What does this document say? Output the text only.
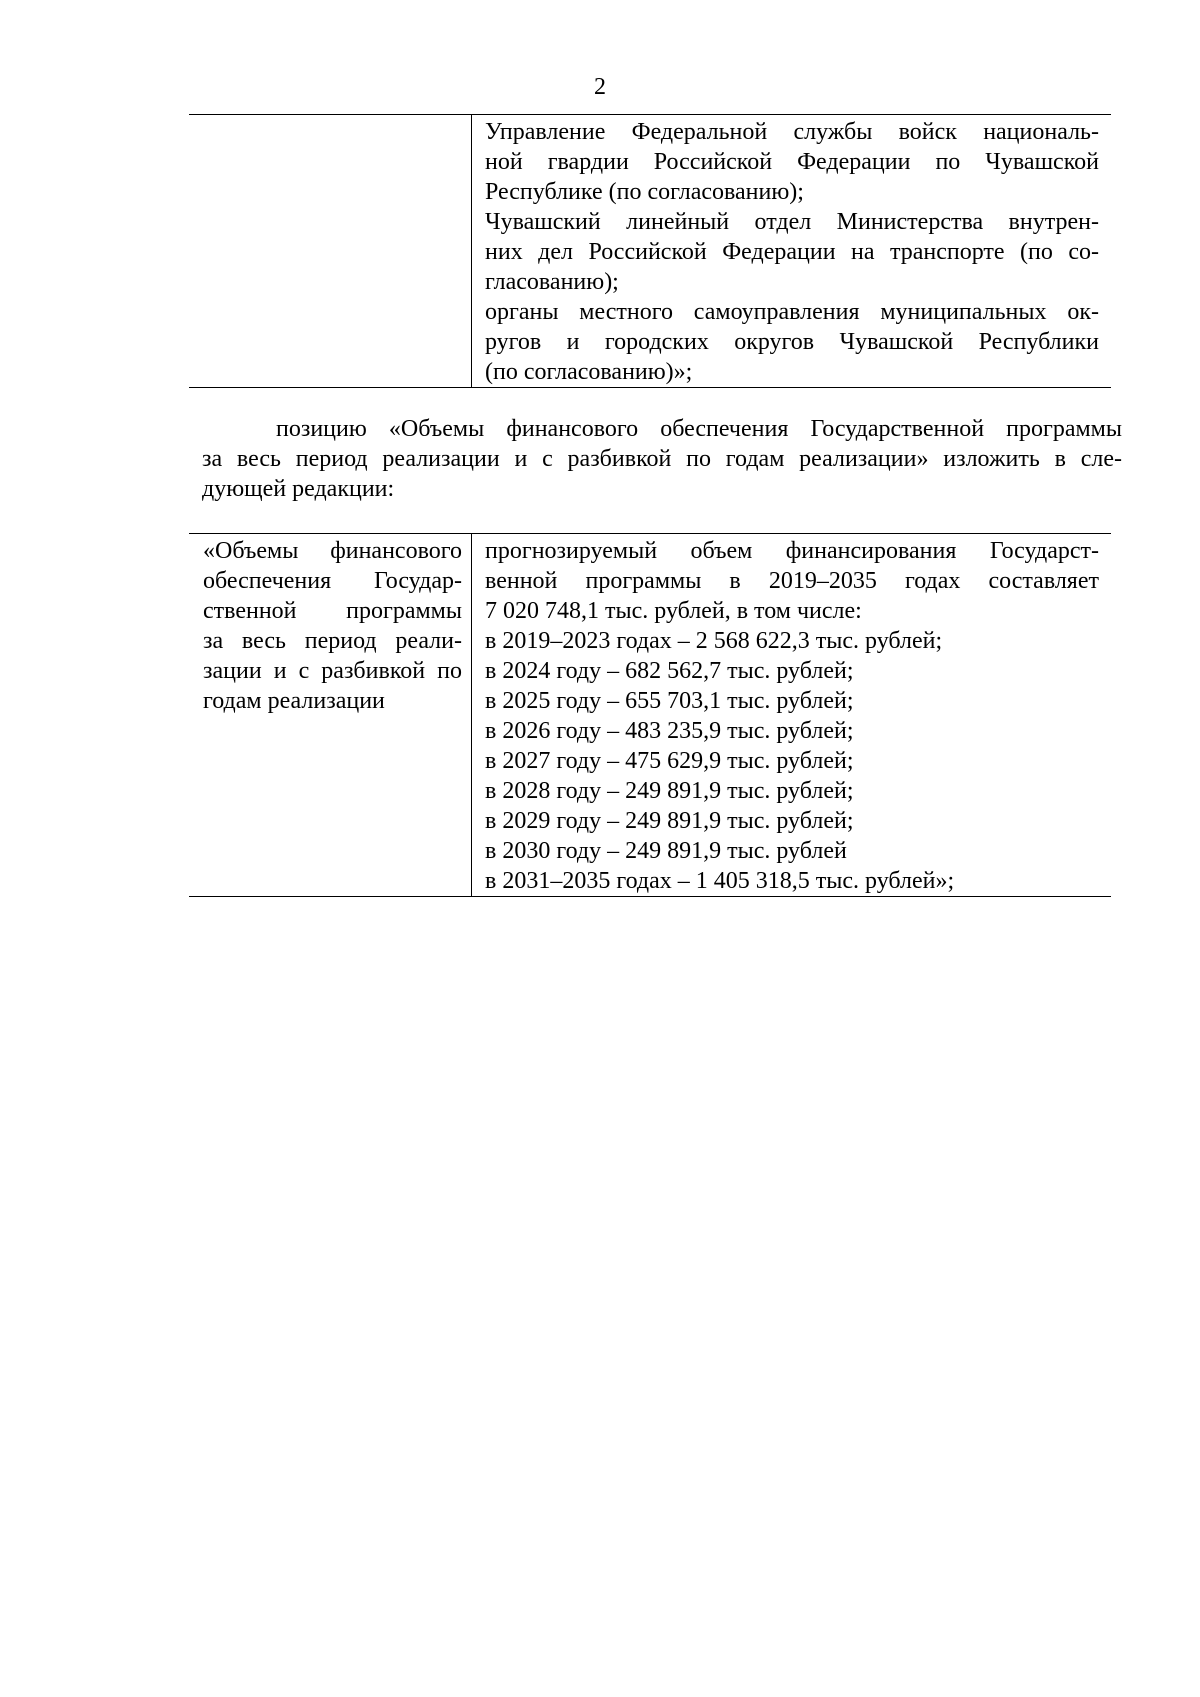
2
Управление Федеральной службы войск националь-
ной гвардии Российской Федерации по Чувашской
Республике (по согласованию);
Чувашский линейный отдел Министерства внутрен-
них дел Российской Федерации на транспорте (по со-
гласованию);
органы местного самоуправления муниципальных ок-
ругов и городских округов Чувашской Республики
(по согласованию)»;
позицию «Объемы финансового обеспечения Государственной программы
за весь период реализации и с разбивкой по годам реализации» изложить в сле-
дующей редакции:
«Объемы финансового
обеспечения Государ-
ственной программы
за весь период реали-
зации и с разбивкой по
годам реализации
прогнозируемый объем финансирования Государст-
венной программы в 2019–2035 годах составляет
7 020 748,1 тыс. рублей, в том числе:
в 2019–2023 годах – 2 568 622,3 тыс. рублей;
в 2024 году – 682 562,7 тыс. рублей;
в 2025 году – 655 703,1 тыс. рублей;
в 2026 году – 483 235,9 тыс. рублей;
в 2027 году – 475 629,9 тыс. рублей;
в 2028 году – 249 891,9 тыс. рублей;
в 2029 году – 249 891,9 тыс. рублей;
в 2030 году – 249 891,9 тыс. рублей
в 2031–2035 годах – 1 405 318,5 тыс. рублей»;
